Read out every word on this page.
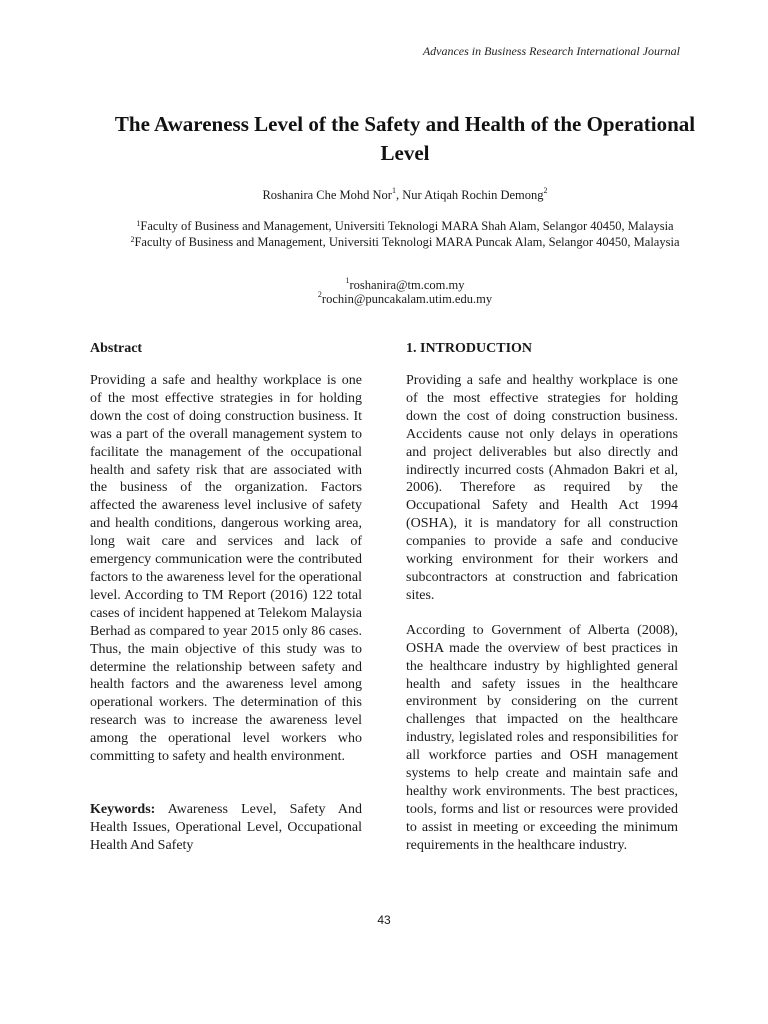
Advances in Business Research International Journal
The Awareness Level of the Safety and Health of the Operational Level
Roshanira Che Mohd Nor$^1$, Nur Atiqah Rochin Demong$^2$
$^1$Faculty of Business and Management, Universiti Teknologi MARA Shah Alam, Selangor 40450, Malaysia
$^2$Faculty of Business and Management, Universiti Teknologi MARA Puncak Alam, Selangor 40450, Malaysia
$^1$roshanira@tm.com.my
$^2$rochin@puncakalam.utim.edu.my
Abstract

Providing a safe and healthy workplace is one of the most effective strategies in for holding down the cost of doing construction business. It was a part of the overall management system to facilitate the management of the occupational health and safety risk that are associated with the business of the organization. Factors affected the awareness level inclusive of safety and health conditions, dangerous working area, long wait care and services and lack of emergency communication were the contributed factors to the awareness level for the operational level. According to TM Report (2016) 122 total cases of incident happened at Telekom Malaysia Berhad as compared to year 2015 only 86 cases. Thus, the main objective of this study was to determine the relationship between safety and health factors and the awareness level among operational workers. The determination of this research was to increase the awareness level among the operational level workers who committing to safety and health environment.

Keywords: Awareness Level, Safety And Health Issues, Operational Level, Occupational Health And Safety

1. INTRODUCTION

Providing a safe and healthy workplace is one of the most effective strategies for holding down the cost of doing construction business. Accidents cause not only delays in operations and project deliverables but also directly and indirectly incurred costs (Ahmadon Bakri et al, 2006). Therefore as required by the Occupational Safety and Health Act 1994 (OSHA), it is mandatory for all construction companies to provide a safe and conducive working environment for their workers and subcontractors at construction and fabrication sites.

According to Government of Alberta (2008), OSHA made the overview of best practices in the healthcare industry by highlighted general health and safety issues in the healthcare environment by considering on the current challenges that impacted on the healthcare industry, legislated roles and responsibilities for all workforce parties and OSH management systems to help create and maintain safe and healthy work environments. The best practices, tools, forms and list or resources were provided to assist in meeting or exceeding the minimum requirements in the healthcare industry.

43
